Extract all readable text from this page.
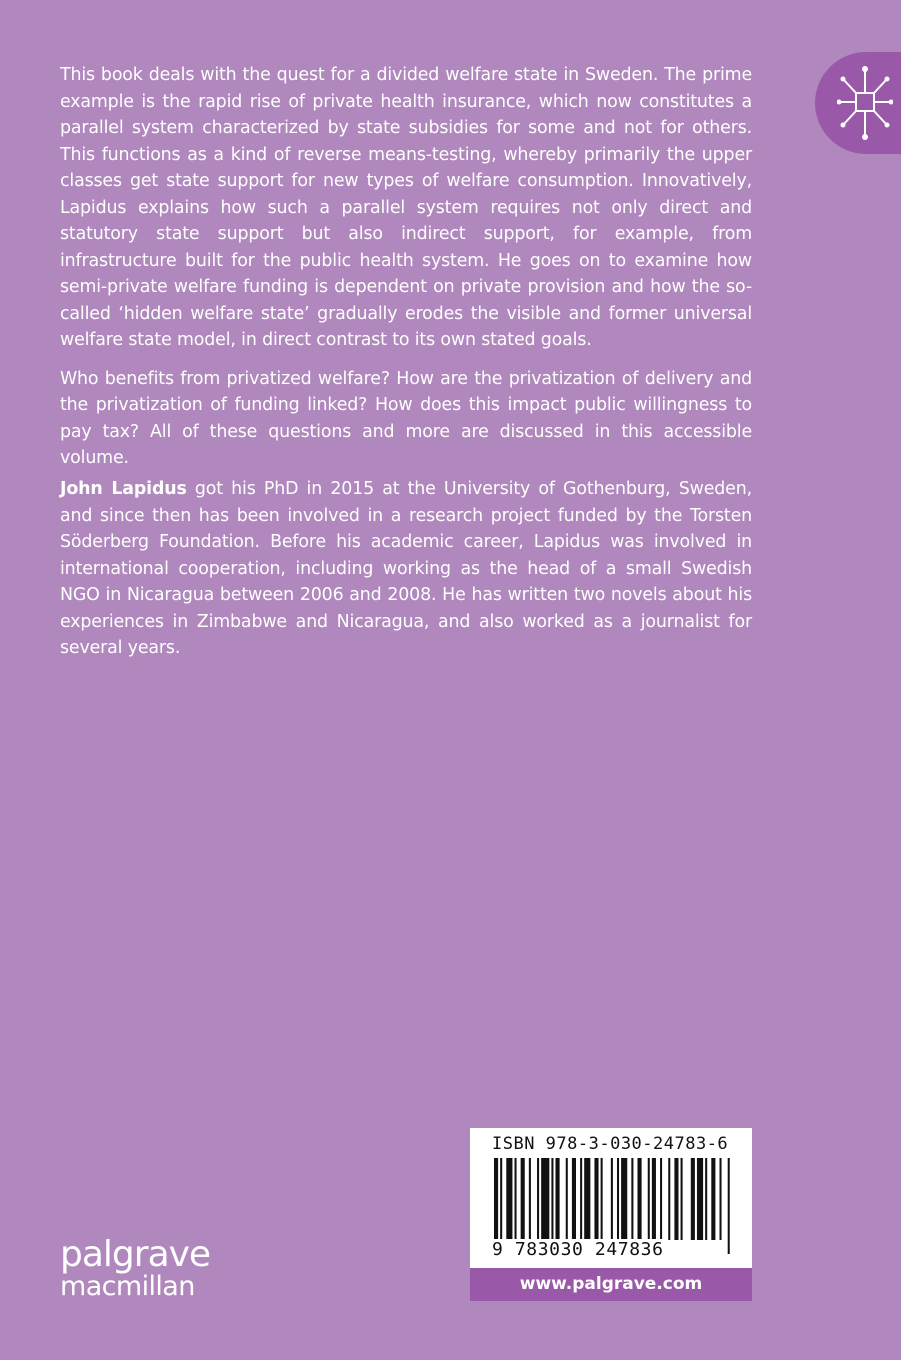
This book deals with the quest for a divided welfare state in Sweden. The prime example is the rapid rise of private health insurance, which now constitutes a parallel system characterized by state subsidies for some and not for others. This functions as a kind of reverse means-testing, whereby primarily the upper classes get state support for new types of welfare consumption. Innovatively, Lapidus explains how such a parallel system requires not only direct and statutory state support but also indirect support, for example, from infrastructure built for the public health system. He goes on to examine how semi-private welfare funding is dependent on private provision and how the so-called ‘hidden welfare state’ gradually erodes the visible and former universal welfare state model, in direct contrast to its own stated goals.

Who benefits from privatized welfare? How are the privatization of delivery and the privatization of funding linked? How does this impact public willingness to pay tax? All of these questions and more are discussed in this accessible volume.

John Lapidus got his PhD in 2015 at the University of Gothenburg, Sweden, and since then has been involved in a research project funded by the Torsten Söderberg Foundation. Before his academic career, Lapidus was involved in international cooperation, including working as the head of a small Swedish NGO in Nicaragua between 2006 and 2008. He has written two novels about his experiences in Zimbabwe and Nicaragua, and also worked as a journalist for several years.

palgrave
macmillan
ISBN 978-3-030-24783-6
9 783030 247836
www.palgrave.com
